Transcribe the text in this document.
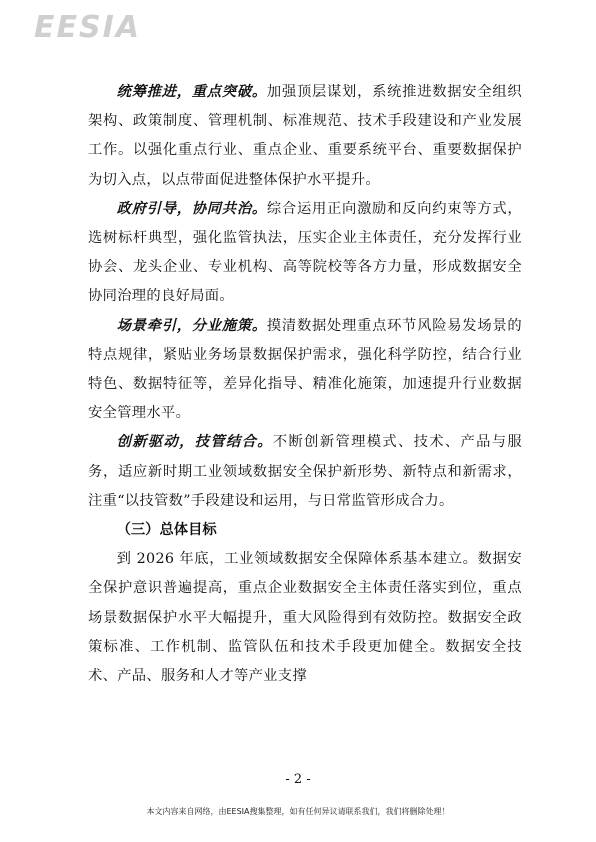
EESIA

统筹推进，重点突破。加强顶层谋划，系统推进数据安全组织架构、政策制度、管理机制、标准规范、技术手段建设和产业发展工作。以强化重点行业、重点企业、重要系统平台、重要数据保护为切入点，以点带面促进整体保护水平提升。

政府引导，协同共治。综合运用正向激励和反向约束等方式，选树标杆典型，强化监管执法，压实企业主体责任，充分发挥行业协会、龙头企业、专业机构、高等院校等各方力量，形成数据安全协同治理的良好局面。

场景牵引，分业施策。摸清数据处理重点环节风险易发场景的特点规律，紧贴业务场景数据保护需求，强化科学防控，结合行业特色、数据特征等，差异化指导、精准化施策，加速提升行业数据安全管理水平。

创新驱动，技管结合。不断创新管理模式、技术、产品与服务，适应新时期工业领域数据安全保护新形势、新特点和新需求，注重“以技管数”手段建设和运用，与日常监管形成合力。

（三）总体目标

到 2026 年底，工业领域数据安全保障体系基本建立。数据安全保护意识普遍提高，重点企业数据安全主体责任落实到位，重点场景数据保护水平大幅提升，重大风险得到有效防控。数据安全政策标准、工作机制、监管队伍和技术手段更加健全。数据安全技术、产品、服务和人才等产业支撑

- 2 -
本文内容来自网络，由EESIA搜集整理，如有任何异议请联系我们，我们将删除处理！
